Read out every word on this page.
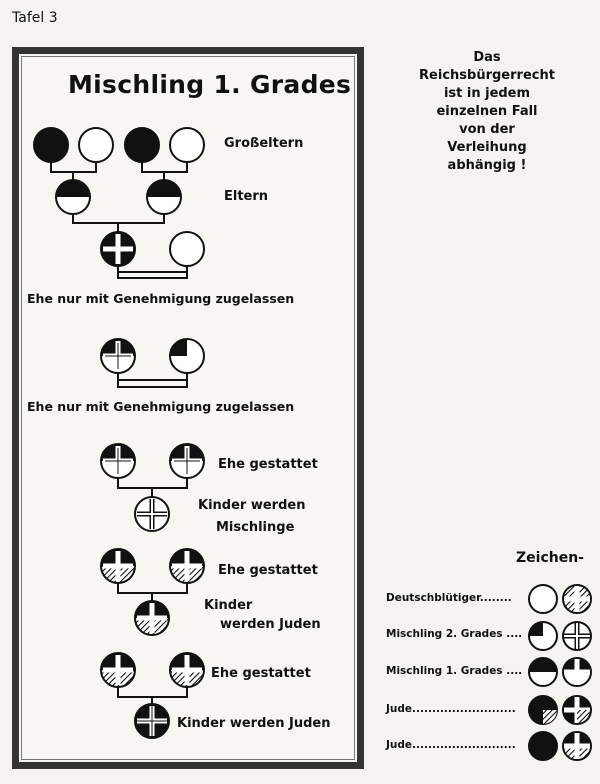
Tafel 3
Mischling 1. Grades
Großeltern
Eltern
Ehe nur mit Genehmigung zugelassen
Ehe nur mit Genehmigung zugelassen
Ehe gestattet
Kinder werden
Mischlinge
Ehe gestattet
Kinder
werden Juden
Ehe gestattet
Kinder werden Juden
Das
Reichsbürgerrecht
ist in jedem
einzelnen Fall
von der
Verleihung
abhängig !
Zeichen-
Deutschblütiger........
Mischling 2. Grades ....
Mischling 1. Grades ....
Jude..........................
Jude..........................
